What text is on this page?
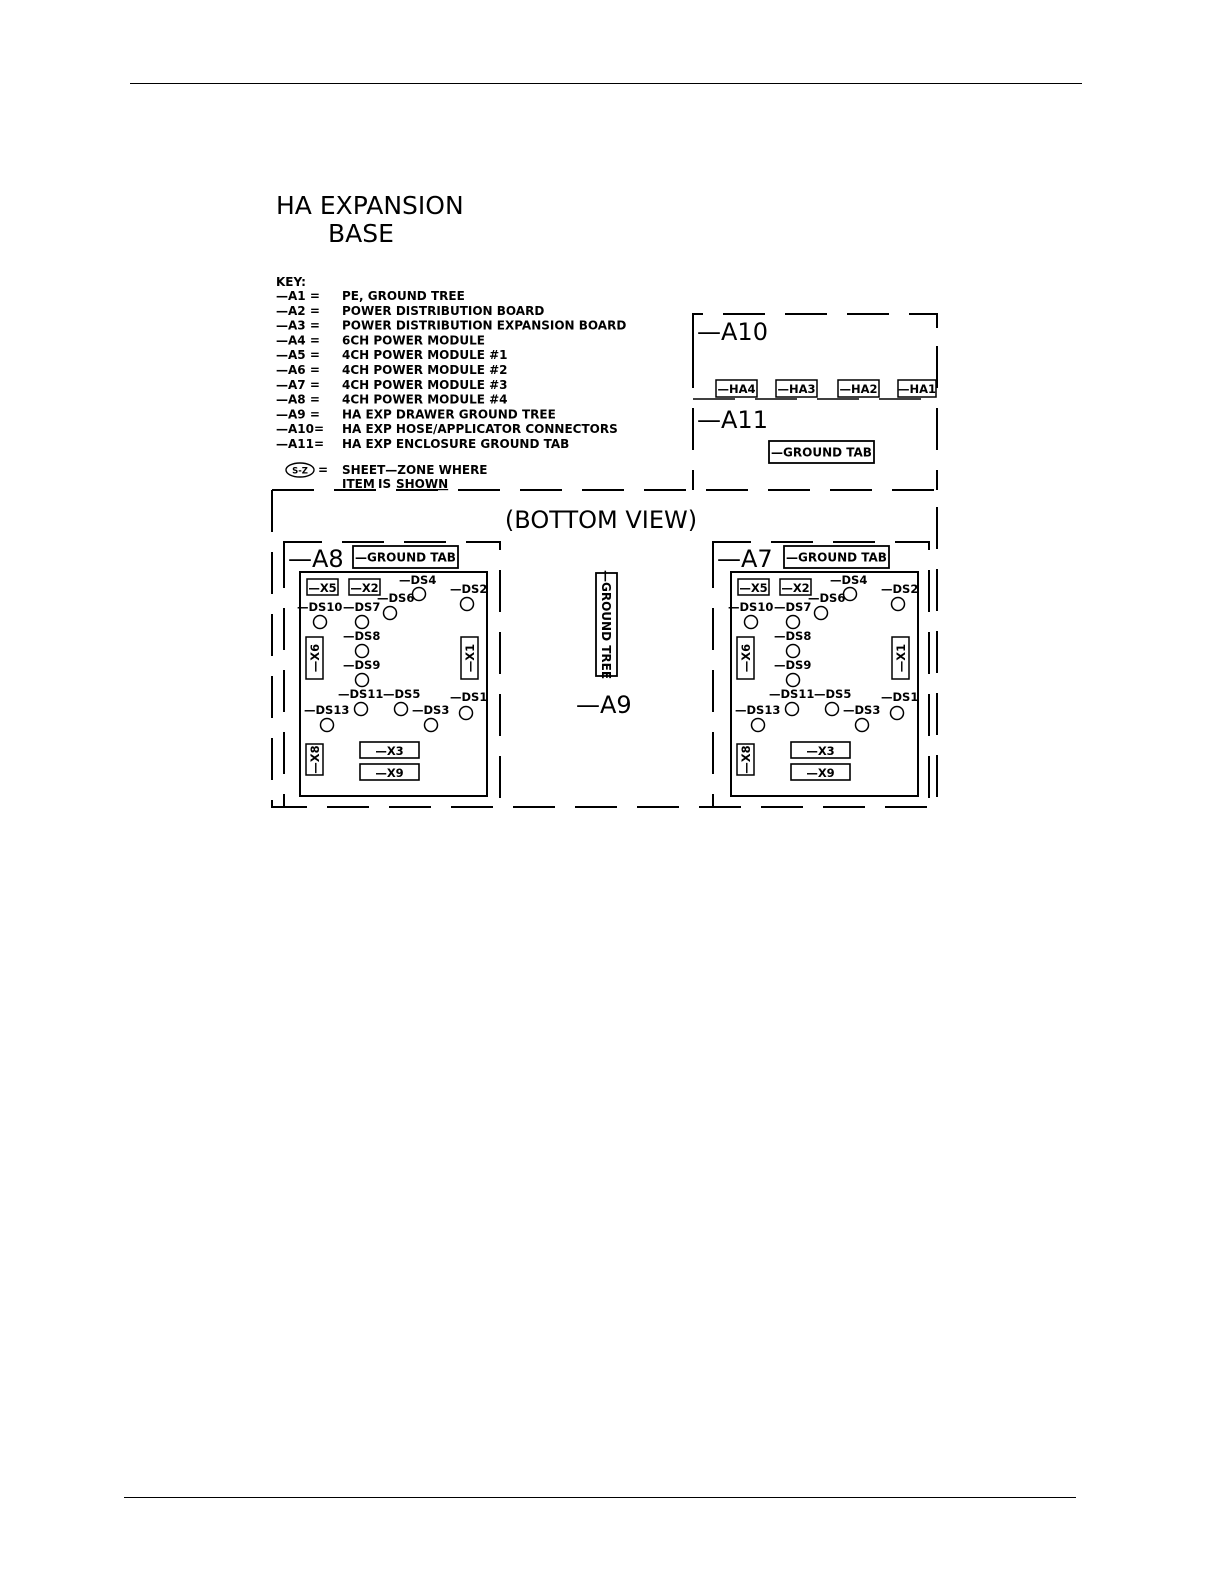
HA EXPANSION
BASE
KEY:
—A1 = PE, GROUND TREE
—A2 = POWER DISTRIBUTION BOARD
—A3 = POWER DISTRIBUTION EXPANSION BOARD
—A4 = 6CH POWER MODULE
—A5 = 4CH POWER MODULE #1
—A6 = 4CH POWER MODULE #2
—A7 = 4CH POWER MODULE #3
—A8 = 4CH POWER MODULE #4
—A9 = HA EXP DRAWER GROUND TREE
—A10= HA EXP HOSE/APPLICATOR CONNECTORS
—A11= HA EXP ENCLOSURE GROUND TAB
S-Z = SHEET—ZONE WHERE
ITEM IS SHOWN
(BOTTOM VIEW)
—A10
—HA4 —HA3 —HA2 —HA1
—A11
—GROUND TAB
—GROUND TREE
—A9
—A8 —GROUND TAB
—X5 —X2
—DS4
—DS2
—DS6
—DS10 —DS7
—DS8
—DS9
—X6	—X1
—DS11 —DS5	—DS1
—DS13	—DS3
—X8	—X3
—X9
—A7 —GROUND TAB
—X5 —X2
—DS4
—DS2
—DS6
—DS10 —DS7
—DS8
—DS9
—X6	—X1
—DS11 —DS5	—DS1
—DS13	—DS3
—X8	—X3
—X9
